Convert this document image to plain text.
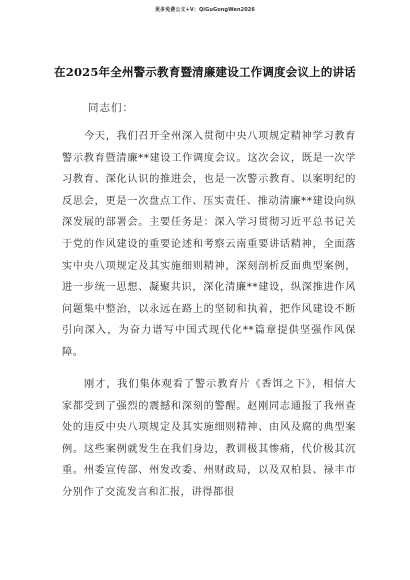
更多免费公文+V：QiGuGongWen2026
在2025年全州警示教育暨清廉建设工作调度会议上的讲话
同志们：

今天，我们召开全州深入贯彻中央八项规定精神学习教育警示教育暨清廉**建设工作调度会议。这次会议，既是一次学习教育、深化认识的推进会，也是一次警示教育、以案明纪的反思会，更是一次盘点工作、压实责任、推动清廉**建设向纵深发展的部署会。主要任务是：深入学习贯彻习近平总书记关于党的作风建设的重要论述和考察云南重要讲话精神，全面落实中央八项规定及其实施细则精神，深刻剖析反面典型案例，进一步统一思想、凝聚共识，深化清廉**建设，纵深推进作风问题集中整治，以永远在路上的坚韧和执着，把作风建设不断引向深入，为奋力谱写中国式现代化**篇章提供坚强作风保障。

刚才，我们集体观看了警示教育片《香饵之下》，相信大家都受到了强烈的震撼和深刻的警醒。赵刚同志通报了我州查处的违反中央八项规定及其实施细则精神、由风及腐的典型案例。这些案例就发生在我们身边，教训极其惨痛，代价极其沉重。州委宣传部、州发改委、州财政局，以及双柏县、禄丰市分别作了交流发言和汇报，讲得都很
